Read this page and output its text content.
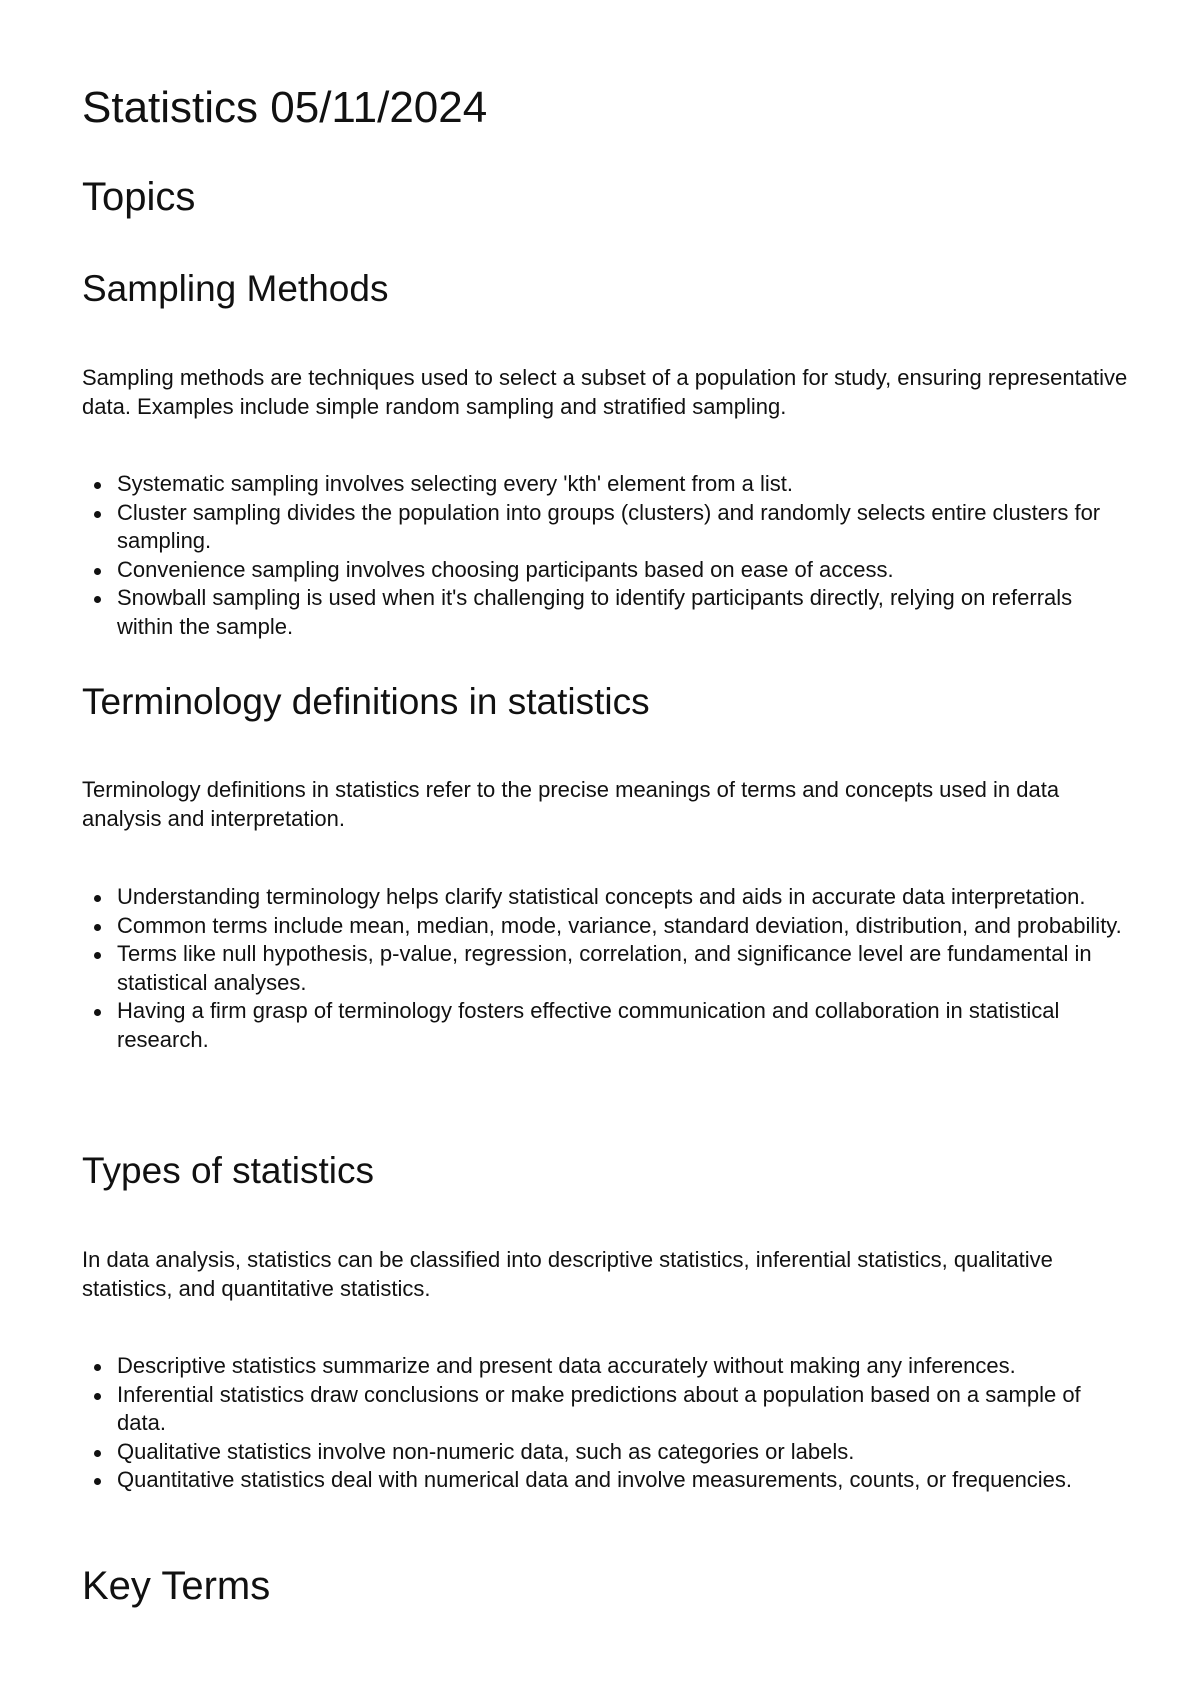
Statistics 05/11/2024
Topics
Sampling Methods

Sampling methods are techniques used to select a subset of a population for study, ensuring representative data. Examples include simple random sampling and stratified sampling.

Systematic sampling involves selecting every 'kth' element from a list.
Cluster sampling divides the population into groups (clusters) and randomly selects entire clusters for sampling.
Convenience sampling involves choosing participants based on ease of access.
Snowball sampling is used when it's challenging to identify participants directly, relying on referrals within the sample.
Terminology definitions in statistics

Terminology definitions in statistics refer to the precise meanings of terms and concepts used in data analysis and interpretation.

Understanding terminology helps clarify statistical concepts and aids in accurate data interpretation.
Common terms include mean, median, mode, variance, standard deviation, distribution, and probability.
Terms like null hypothesis, p-value, regression, correlation, and significance level are fundamental in statistical analyses.
Having a firm grasp of terminology fosters effective communication and collaboration in statistical research.
Types of statistics

In data analysis, statistics can be classified into descriptive statistics, inferential statistics, qualitative statistics, and quantitative statistics.

Descriptive statistics summarize and present data accurately without making any inferences.
Inferential statistics draw conclusions or make predictions about a population based on a sample of data.
Qualitative statistics involve non-numeric data, such as categories or labels.
Quantitative statistics deal with numerical data and involve measurements, counts, or frequencies.
Key Terms
